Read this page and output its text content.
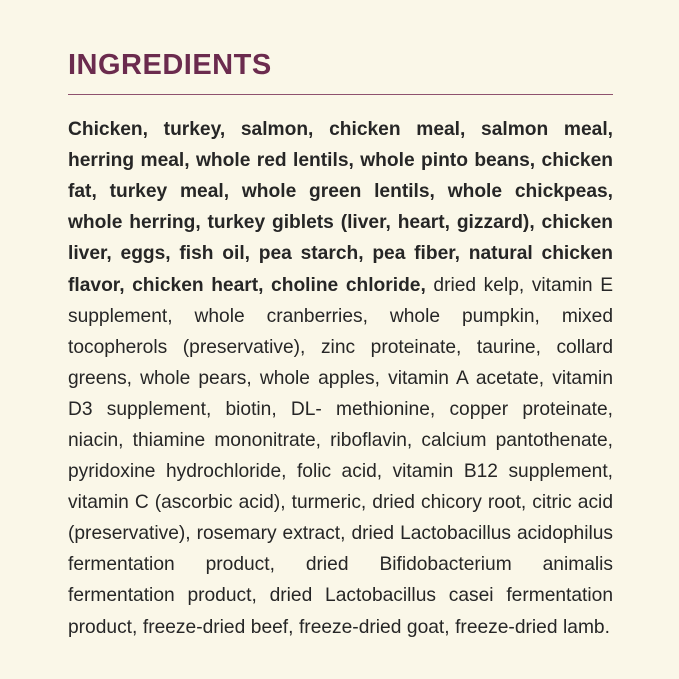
INGREDIENTS

Chicken, turkey, salmon, chicken meal, salmon meal, herring meal, whole red lentils, whole pinto beans, chicken fat, turkey meal, whole green lentils, whole chickpeas, whole herring, turkey giblets (liver, heart, gizzard), chicken liver, eggs, fish oil, pea starch, pea fiber, natural chicken flavor, chicken heart, choline chloride, dried kelp, vitamin E supplement, whole cranberries, whole pumpkin, mixed tocopherols (preservative), zinc proteinate, taurine, collard greens, whole pears, whole apples, vitamin A acetate, vitamin D3 supplement, biotin, DL- methionine, copper proteinate, niacin, thiamine mononitrate, riboflavin, calcium pantothenate, pyridoxine hydrochloride, folic acid, vitamin B12 supplement, vitamin C (ascorbic acid), turmeric, dried chicory root, citric acid (preservative), rosemary extract, dried Lactobacillus acidophilus fermentation product, dried Bifidobacterium animalis fermentation product, dried Lactobacillus casei fermentation product, freeze-dried beef, freeze-dried goat, freeze-dried lamb.
